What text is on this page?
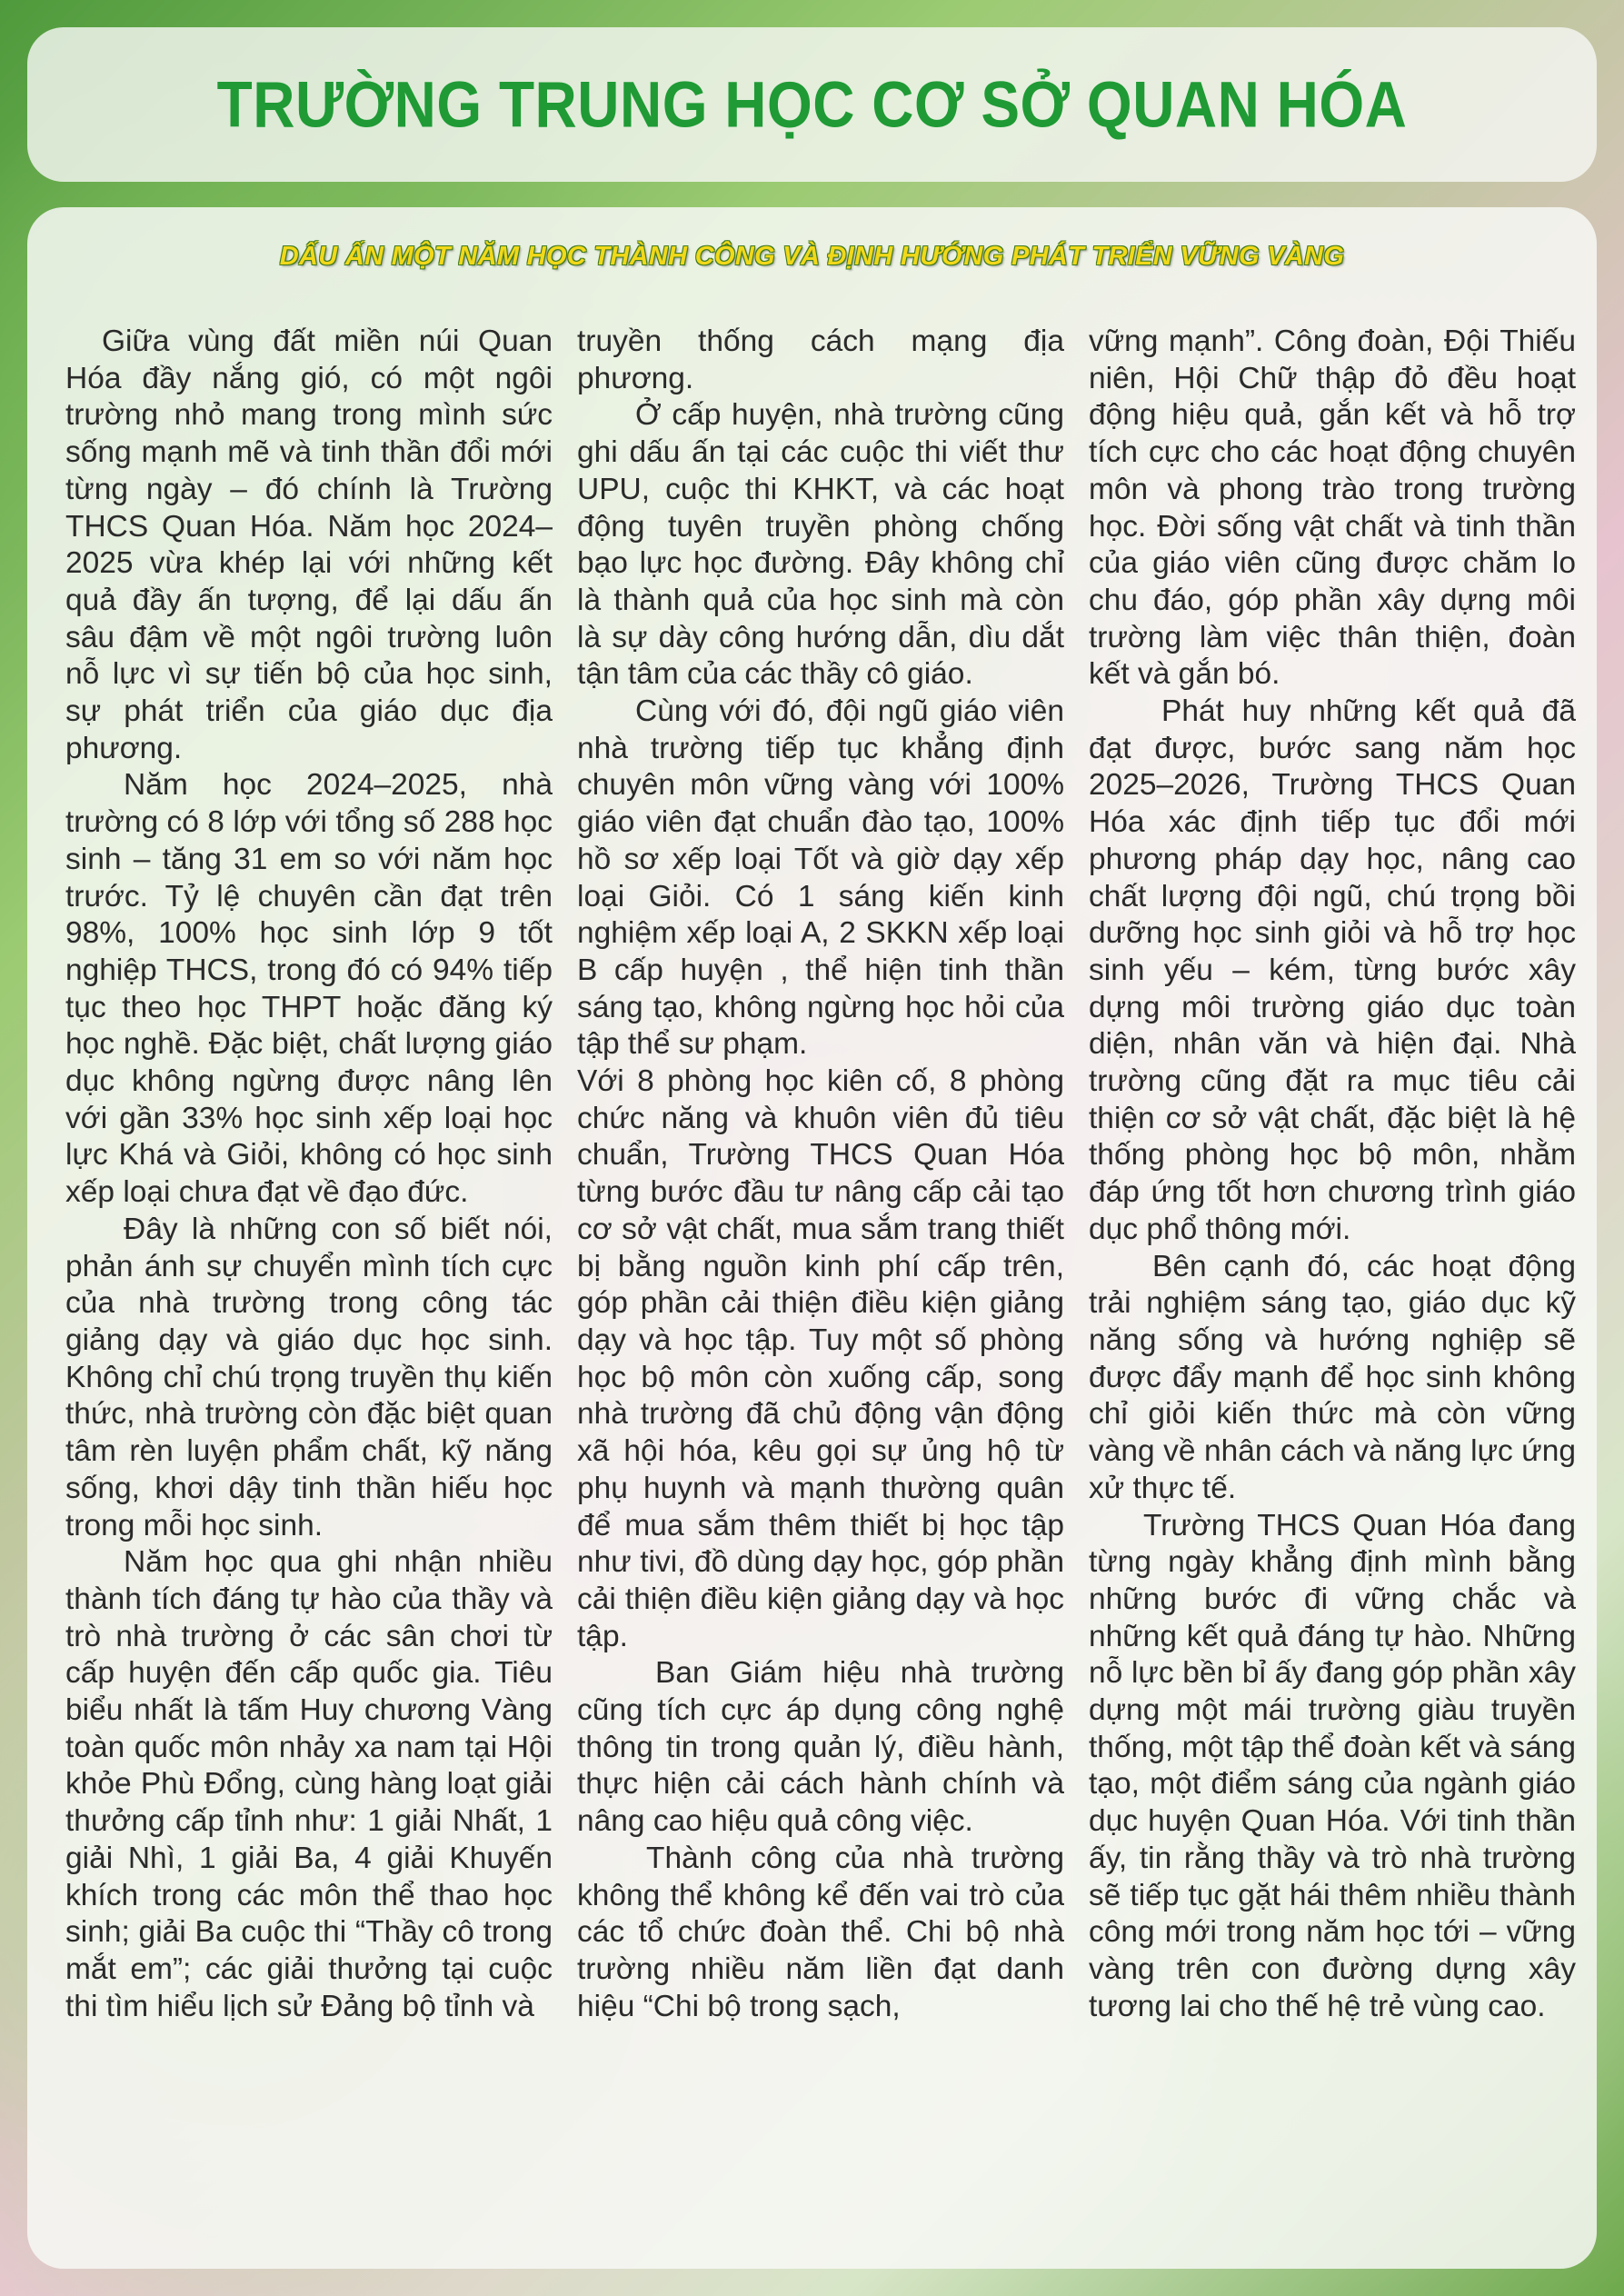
TRƯỜNG TRUNG HỌC CƠ SỞ QUAN HÓA
DẤU ẤN MỘT NĂM HỌC THÀNH CÔNG VÀ ĐỊNH HƯỚNG PHÁT TRIỂN VỮNG VÀNG

Giữa vùng đất miền núi Quan Hóa đầy nắng gió, có một ngôi trường nhỏ mang trong mình sức sống mạnh mẽ và tinh thần đổi mới từng ngày – đó chính là Trường THCS Quan Hóa. Năm học 2024–2025 vừa khép lại với những kết quả đầy ấn tượng, để lại dấu ấn sâu đậm về một ngôi trường luôn nỗ lực vì sự tiến bộ của học sinh, sự phát triển của giáo dục địa phương.

Năm học 2024–2025, nhà trường có 8 lớp với tổng số 288 học sinh – tăng 31 em so với năm học trước. Tỷ lệ chuyên cần đạt trên 98%, 100% học sinh lớp 9 tốt nghiệp THCS, trong đó có 94% tiếp tục theo học THPT hoặc đăng ký học nghề. Đặc biệt, chất lượng giáo dục không ngừng được nâng lên với gần 33% học sinh xếp loại học lực Khá và Giỏi, không có học sinh xếp loại chưa đạt về đạo đức.

Đây là những con số biết nói, phản ánh sự chuyển mình tích cực của nhà trường trong công tác giảng dạy và giáo dục học sinh. Không chỉ chú trọng truyền thụ kiến thức, nhà trường còn đặc biệt quan tâm rèn luyện phẩm chất, kỹ năng sống, khơi dậy tinh thần hiếu học trong mỗi học sinh.

Năm học qua ghi nhận nhiều thành tích đáng tự hào của thầy và trò nhà trường ở các sân chơi từ cấp huyện đến cấp quốc gia. Tiêu biểu nhất là tấm Huy chương Vàng toàn quốc môn nhảy xa nam tại Hội khỏe Phù Đổng, cùng hàng loạt giải thưởng cấp tỉnh như: 1 giải Nhất, 1 giải Nhì, 1 giải Ba, 4 giải Khuyến khích trong các môn thể thao học sinh; giải Ba cuộc thi “Thầy cô trong mắt em”; các giải thưởng tại cuộc thi tìm hiểu lịch sử Đảng bộ tỉnh và

truyền thống cách mạng địa phương.

Ở cấp huyện, nhà trường cũng ghi dấu ấn tại các cuộc thi viết thư UPU, cuộc thi KHKT, và các hoạt động tuyên truyền phòng chống bạo lực học đường. Đây không chỉ là thành quả của học sinh mà còn là sự dày công hướng dẫn, dìu dắt tận tâm của các thầy cô giáo.

Cùng với đó, đội ngũ giáo viên nhà trường tiếp tục khẳng định chuyên môn vững vàng với 100% giáo viên đạt chuẩn đào tạo, 100% hồ sơ xếp loại Tốt và giờ dạy xếp loại Giỏi. Có 1 sáng kiến kinh nghiệm xếp loại A, 2 SKKN xếp loại B cấp huyện , thể hiện tinh thần sáng tạo, không ngừng học hỏi của tập thể sư phạm.

Với 8 phòng học kiên cố, 8 phòng chức năng và khuôn viên đủ tiêu chuẩn, Trường THCS Quan Hóa từng bước đầu tư nâng cấp cải tạo cơ sở vật chất, mua sắm trang thiết bị bằng nguồn kinh phí cấp trên, góp phần cải thiện điều kiện giảng dạy và học tập. Tuy một số phòng học bộ môn còn xuống cấp, song nhà trường đã chủ động vận động xã hội hóa, kêu gọi sự ủng hộ từ phụ huynh và mạnh thường quân để mua sắm thêm thiết bị học tập như tivi, đồ dùng dạy học, góp phần cải thiện điều kiện giảng dạy và học tập.

Ban Giám hiệu nhà trường cũng tích cực áp dụng công nghệ thông tin trong quản lý, điều hành, thực hiện cải cách hành chính và nâng cao hiệu quả công việc.

Thành công của nhà trường không thể không kể đến vai trò của các tổ chức đoàn thể. Chi bộ nhà trường nhiều năm liền đạt danh hiệu “Chi bộ trong sạch,

vững mạnh”. Công đoàn, Đội Thiếu niên, Hội Chữ thập đỏ đều hoạt động hiệu quả, gắn kết và hỗ trợ tích cực cho các hoạt động chuyên môn và phong trào trong trường học. Đời sống vật chất và tinh thần của giáo viên cũng được chăm lo chu đáo, góp phần xây dựng môi trường làm việc thân thiện, đoàn kết và gắn bó.

Phát huy những kết quả đã đạt được, bước sang năm học 2025–2026, Trường THCS Quan Hóa xác định tiếp tục đổi mới phương pháp dạy học, nâng cao chất lượng đội ngũ, chú trọng bồi dưỡng học sinh giỏi và hỗ trợ học sinh yếu – kém, từng bước xây dựng môi trường giáo dục toàn diện, nhân văn và hiện đại. Nhà trường cũng đặt ra mục tiêu cải thiện cơ sở vật chất, đặc biệt là hệ thống phòng học bộ môn, nhằm đáp ứng tốt hơn chương trình giáo dục phổ thông mới.

Bên cạnh đó, các hoạt động trải nghiệm sáng tạo, giáo dục kỹ năng sống và hướng nghiệp sẽ được đẩy mạnh để học sinh không chỉ giỏi kiến thức mà còn vững vàng về nhân cách và năng lực ứng xử thực tế.

Trường THCS Quan Hóa đang từng ngày khẳng định mình bằng những bước đi vững chắc và những kết quả đáng tự hào. Những nỗ lực bền bỉ ấy đang góp phần xây dựng một mái trường giàu truyền thống, một tập thể đoàn kết và sáng tạo, một điểm sáng của ngành giáo dục huyện Quan Hóa. Với tinh thần ấy, tin rằng thầy và trò nhà trường sẽ tiếp tục gặt hái thêm nhiều thành công mới trong năm học tới – vững vàng trên con đường dựng xây tương lai cho thế hệ trẻ vùng cao.
